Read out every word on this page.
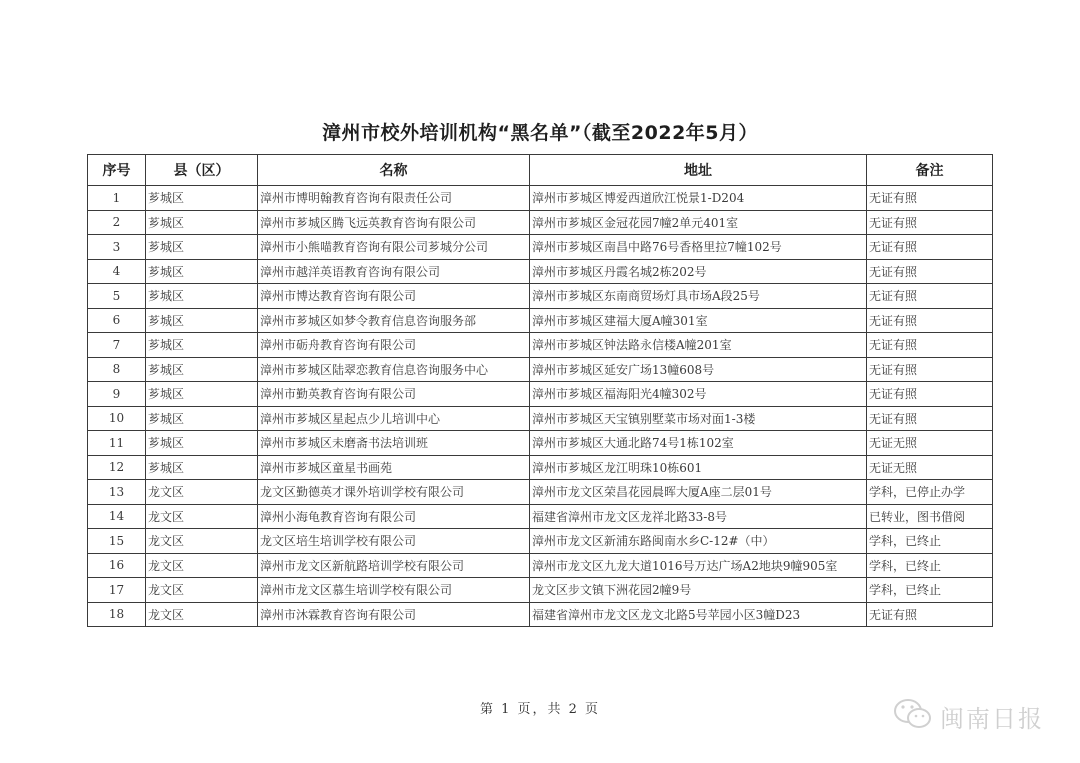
漳州市校外培训机构“黑名单”（截至2022年5月）
序号	县（区）	名称	地址	备注
1	芗城区	漳州市博明翰教育咨询有限责任公司	漳州市芗城区博爱西道欣江悦景1-D204	无证有照
2	芗城区	漳州市芗城区腾飞远英教育咨询有限公司	漳州市芗城区金冠花园7幢2单元401室	无证有照
3	芗城区	漳州市小熊喵教育咨询有限公司芗城分公司	漳州市芗城区南昌中路76号香格里拉7幢102号	无证有照
4	芗城区	漳州市越洋英语教育咨询有限公司	漳州市芗城区丹霞名城2栋202号	无证有照
5	芗城区	漳州市博达教育咨询有限公司	漳州市芗城区东南商贸场灯具市场A段25号	无证有照
6	芗城区	漳州市芗城区如梦令教育信息咨询服务部	漳州市芗城区建福大厦A幢301室	无证有照
7	芗城区	漳州市砺舟教育咨询有限公司	漳州市芗城区钟法路永信楼A幢201室	无证有照
8	芗城区	漳州市芗城区陆翠恋教育信息咨询服务中心	漳州市芗城区延安广场13幢608号	无证有照
9	芗城区	漳州市勤英教育咨询有限公司	漳州市芗城区福海阳光4幢302号	无证有照
10	芗城区	漳州市芗城区星起点少儿培训中心	漳州市芗城区天宝镇别墅菜市场对面1-3楼	无证有照
11	芗城区	漳州市芗城区未磨斋书法培训班	漳州市芗城区大通北路74号1栋102室	无证无照
12	芗城区	漳州市芗城区童星书画苑	漳州市芗城区龙江明珠10栋601	无证无照
13	龙文区	龙文区勤德英才课外培训学校有限公司	漳州市龙文区荣昌花园晨晖大厦A座二层01号	学科，已停止办学
14	龙文区	漳州小海龟教育咨询有限公司	福建省漳州市龙文区龙祥北路33-8号	已转业，图书借阅
15	龙文区	龙文区培生培训学校有限公司	漳州市龙文区新浦东路闽南水乡C-12#（中）	学科，已终止
16	龙文区	漳州市龙文区新航路培训学校有限公司	漳州市龙文区九龙大道1016号万达广场A2地块9幢905室	学科，已终止
17	龙文区	漳州市龙文区慕生培训学校有限公司	龙文区步文镇下洲花园2幢9号	学科，已终止
18	龙文区	漳州市沐霖教育咨询有限公司	福建省漳州市龙文区龙文北路5号苹园小区3幢D23	无证有照
第 1 页，共 2 页	闽南日报
